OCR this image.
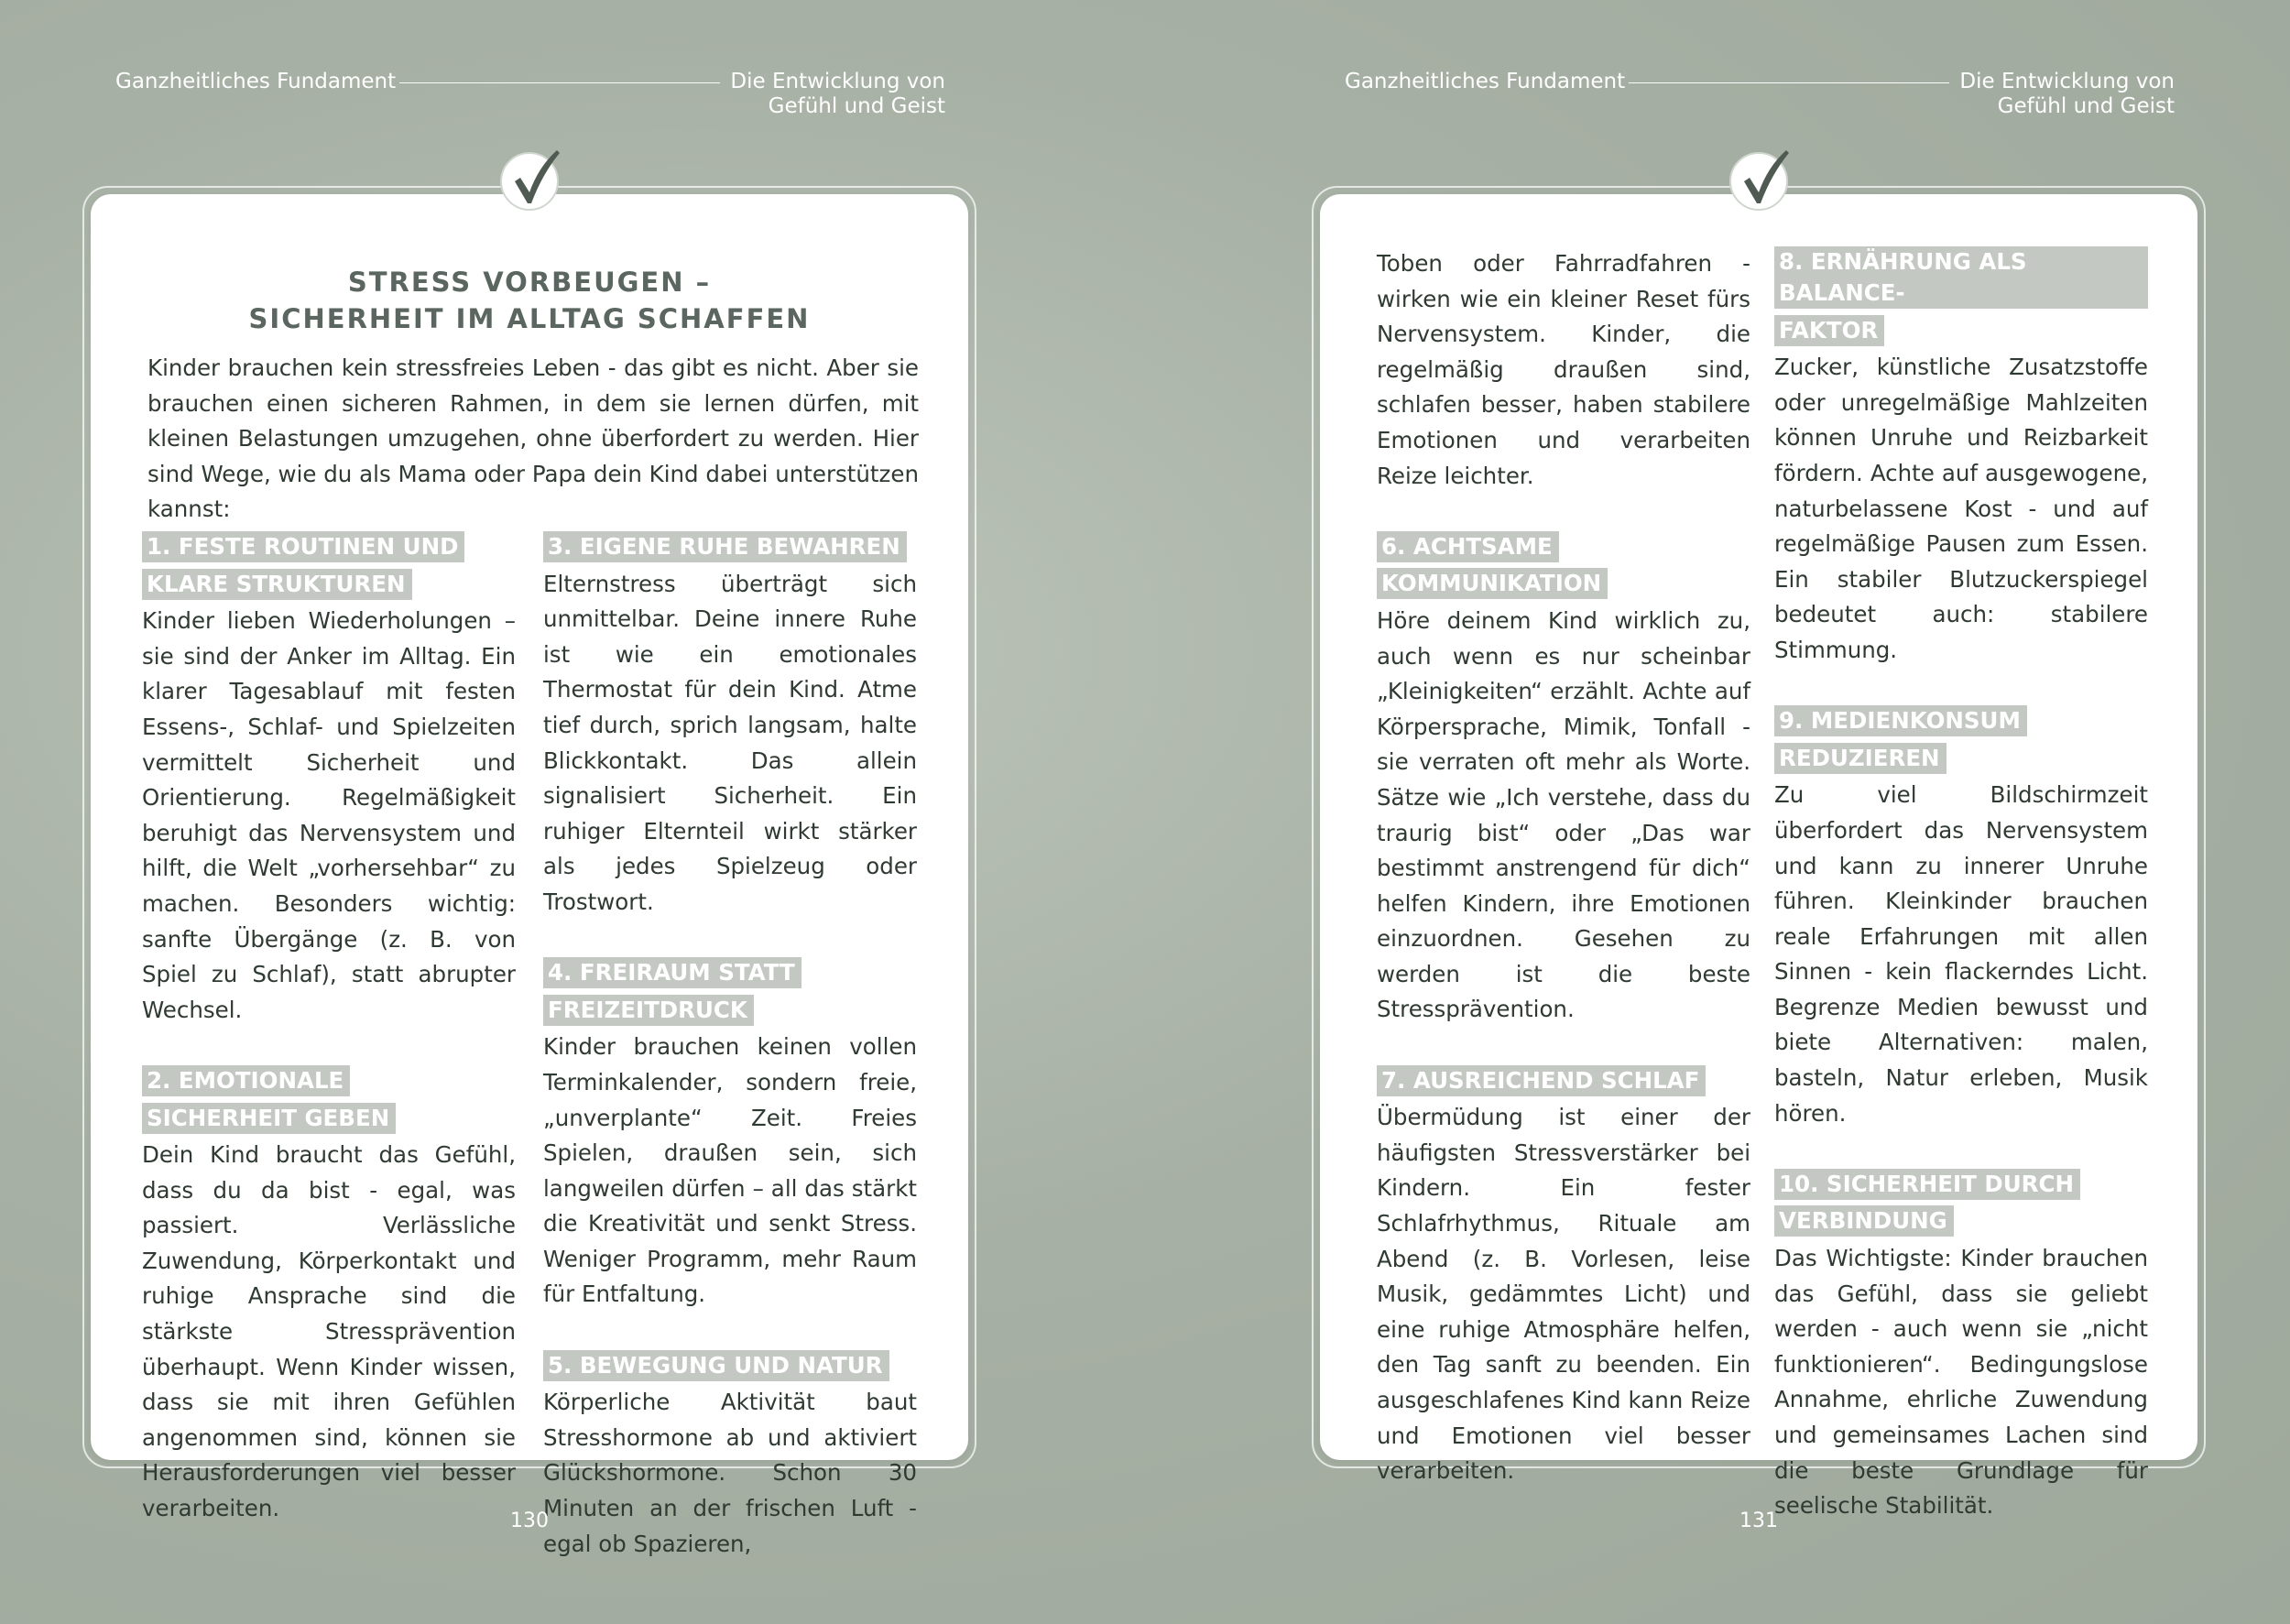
Ganzheitliches Fundament	Die Entwicklung von
Gefühl und Geist
STRESS VORBEUGEN –
SICHERHEIT IM ALLTAG SCHAFFEN
Kinder brauchen kein stressfreies Leben - das gibt es nicht. Aber sie brauchen einen sicheren Rahmen, in dem sie lernen dürfen, mit kleinen Belastungen umzugehen, ohne überfordert zu werden. Hier sind Wege, wie du als Mama oder Papa dein Kind dabei unterstützen kannst:
1. FESTE ROUTINEN UND
KLARE STRUKTUREN
Kinder lieben Wiederholungen – sie sind der Anker im Alltag. Ein klarer Tagesablauf mit festen Essens-, Schlaf- und Spielzeiten vermittelt Sicherheit und Orientierung. Regelmäßigkeit beruhigt das Nervensystem und hilft, die Welt „vorhersehbar“ zu machen. Besonders wichtig: sanfte Übergänge (z. B. von Spiel zu Schlaf), statt abrupter Wechsel.
2. EMOTIONALE
SICHERHEIT GEBEN
Dein Kind braucht das Gefühl, dass du da bist - egal, was passiert. Verlässliche Zuwendung, Körperkontakt und ruhige Ansprache sind die stärkste Stressprävention überhaupt. Wenn Kinder wissen, dass sie mit ihren Gefühlen angenommen sind, können sie Herausforderungen viel besser verarbeiten.
3. EIGENE RUHE BEWAHREN
Elternstress überträgt sich unmittelbar. Deine innere Ruhe ist wie ein emotionales Thermostat für dein Kind. Atme tief durch, sprich langsam, halte Blickkontakt. Das allein signalisiert Sicherheit. Ein ruhiger Elternteil wirkt stärker als jedes Spielzeug oder Trostwort.
4. FREIRAUM STATT
FREIZEITDRUCK
Kinder brauchen keinen vollen Terminkalender, sondern freie, „unverplante“ Zeit. Freies Spielen, draußen sein, sich langweilen dürfen – all das stärkt die Kreativität und senkt Stress. Weniger Programm, mehr Raum für Entfaltung.
5. BEWEGUNG UND NATUR
Körperliche Aktivität baut Stresshormone ab und aktiviert Glückshormone. Schon 30 Minuten an der frischen Luft - egal ob Spazieren,
130
Ganzheitliches Fundament	Die Entwicklung von
Gefühl und Geist
Toben oder Fahrradfahren - wirken wie ein kleiner Reset fürs Nervensystem. Kinder, die regelmäßig draußen sind, schlafen besser, haben stabilere Emotionen und verarbeiten Reize leichter.
6. ACHTSAME
KOMMUNIKATION
Höre deinem Kind wirklich zu, auch wenn es nur scheinbar „Kleinigkeiten“ erzählt. Achte auf Körpersprache, Mimik, Tonfall - sie verraten oft mehr als Worte. Sätze wie „Ich verstehe, dass du traurig bist“ oder „Das war bestimmt anstrengend für dich“ helfen Kindern, ihre Emotionen einzuordnen. Gesehen zu werden ist die beste Stressprävention.
7. AUSREICHEND SCHLAF
Übermüdung ist einer der häufigsten Stressverstärker bei Kindern. Ein fester Schlafrhythmus, Rituale am Abend (z. B. Vorlesen, leise Musik, gedämmtes Licht) und eine ruhige Atmosphäre helfen, den Tag sanft zu beenden. Ein ausgeschlafenes Kind kann Reize und Emotionen viel besser verarbeiten.
8. ERNÄHRUNG ALS BALANCE-
FAKTOR
Zucker, künstliche Zusatzstoffe oder unregelmäßige Mahlzeiten können Unruhe und Reizbarkeit fördern. Achte auf ausgewogene, naturbelassene Kost - und auf regelmäßige Pausen zum Essen. Ein stabiler Blutzuckerspiegel bedeutet auch: stabilere Stimmung.
9. MEDIENKONSUM
REDUZIEREN
Zu viel Bildschirmzeit überfordert das Nervensystem und kann zu innerer Unruhe führen. Kleinkinder brauchen reale Erfahrungen mit allen Sinnen - kein flackerndes Licht. Begrenze Medien bewusst und biete Alternativen: malen, basteln, Natur erleben, Musik hören.
10. SICHERHEIT DURCH
VERBINDUNG
Das Wichtigste: Kinder brauchen das Gefühl, dass sie geliebt werden - auch wenn sie „nicht funktionieren“. Bedingungslose Annahme, ehrliche Zuwendung und gemeinsames Lachen sind die beste Grundlage für seelische Stabilität.
131
